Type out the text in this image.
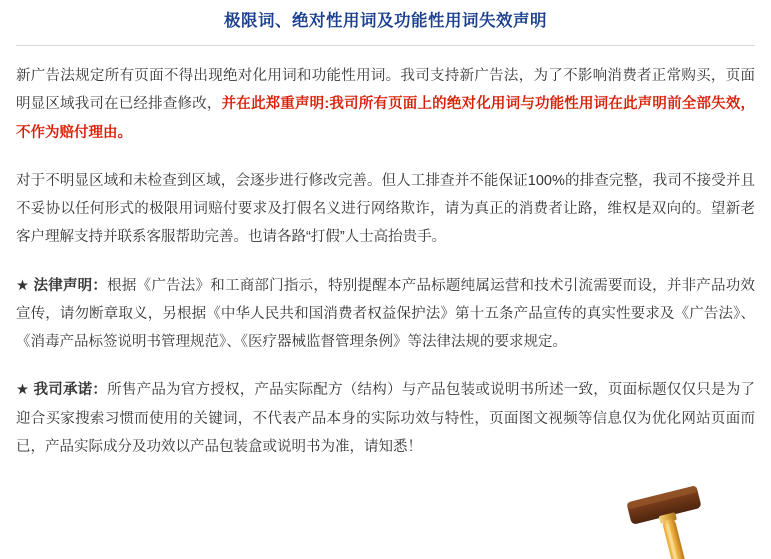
极限词、绝对性用词及功能性用词失效声明

新广告法规定所有页面不得出现绝对化用词和功能性用词。我司支持新广告法，为了不影响消费者正常购买，页面明显区域我司在已经排查修改，并在此郑重声明:我司所有页面上的绝对化用词与功能性用词在此声明前全部失效，不作为赔付理由。

对于不明显区域和未检查到区域，会逐步进行修改完善。但人工排查并不能保证100%的排查完整，我司不接受并且不妥协以任何形式的极限用词赔付要求及打假名义进行网络欺诈，请为真正的消费者让路，维权是双向的。望新老客户理解支持并联系客服帮助完善。也请各路“打假”人士高抬贵手。

★ 法律声明：根据《广告法》和工商部门指示，特别提醒本产品标题纯属运营和技术引流需要而设，并非产品功效宣传，请勿断章取义，另根据《中华人民共和国消费者权益保护法》第十五条产品宣传的真实性要求及《广告法》、《消毒产品标签说明书管理规范》、《医疗器械监督管理条例》等法律法规的要求规定。

★ 我司承诺：所售产品为官方授权，产品实际配方（结构）与产品包装或说明书所述一致，页面标题仅仅只是为了迎合买家搜索习惯而使用的关键词，不代表产品本身的实际功效与特性，页面图文视频等信息仅为优化网站页面而已，产品实际成分及功效以产品包装盒或说明书为准，请知悉！
